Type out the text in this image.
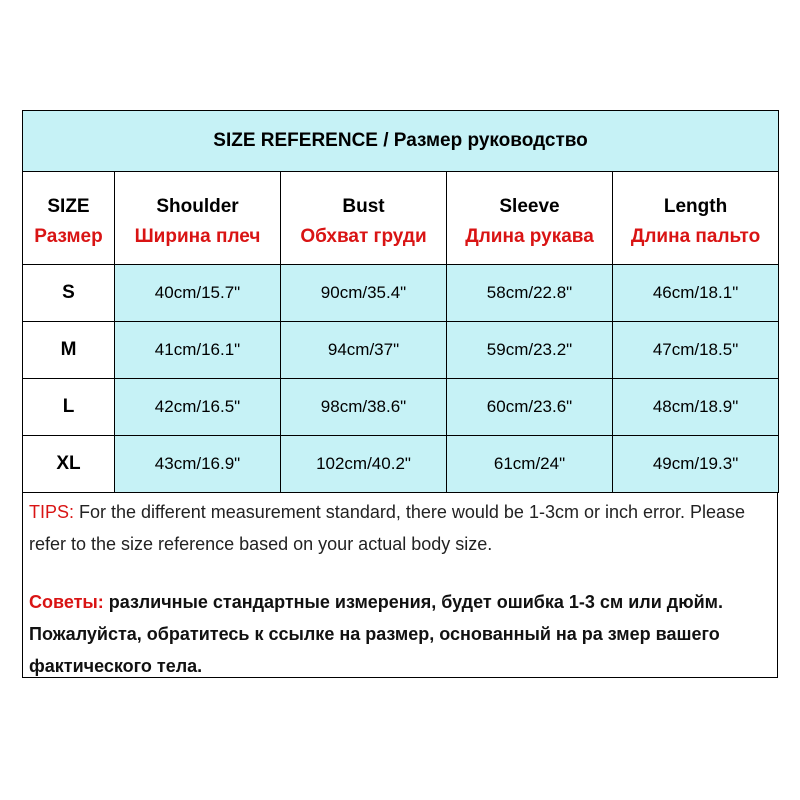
SIZE REFERENCE / Размер руководство				
SIZE	Shoulder	Bust	Sleeve	Length
Размер	Ширина плеч	Обхват груди	Длина рукава	Длина пальто
S	40cm/15.7"	90cm/35.4"	58cm/22.8"	46cm/18.1"
M	41cm/16.1"	94cm/37"	59cm/23.2"	47cm/18.5"
L	42cm/16.5"	98cm/38.6"	60cm/23.6"	48cm/18.9"
XL	43cm/16.9"	102cm/40.2"	61cm/24"	49cm/19.3"

TIPS: For the different measurement standard, there would be 1-3cm or inch error. Please refer to the size reference based on your actual body size.

Советы: различные стандартные измерения, будет ошибка 1-3 см или дюйм. Пожалуйста, обратитесь к ссылке на размер, основанный на ра змер вашего фактического тела.
